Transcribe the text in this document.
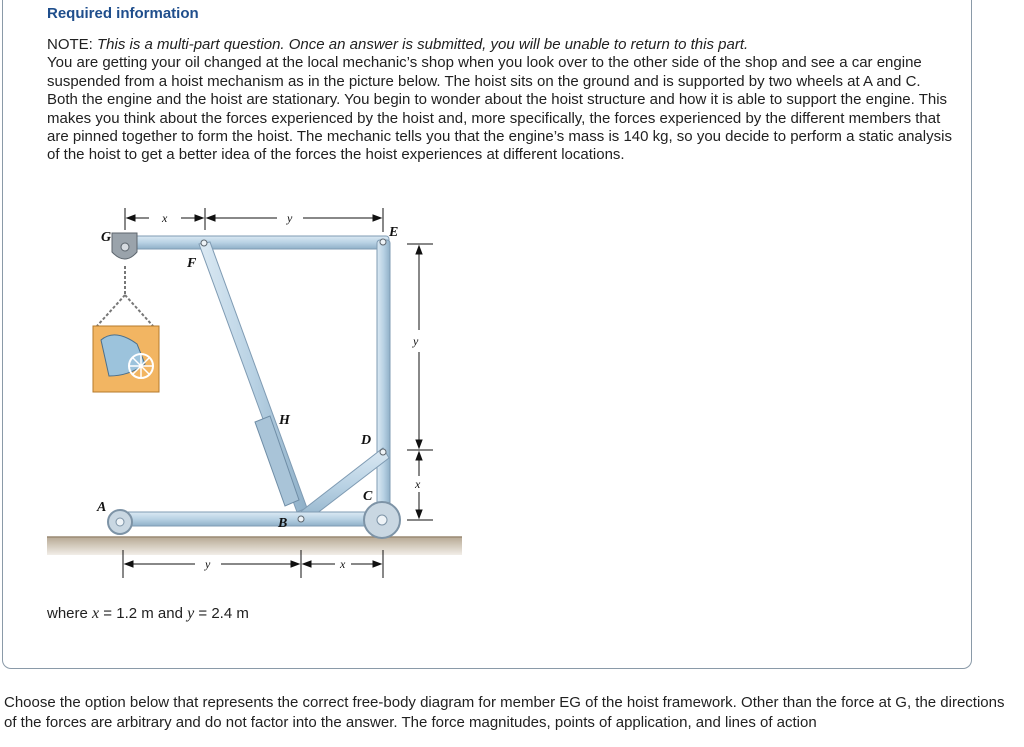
Required information
NOTE: This is a multi-part question. Once an answer is submitted, you will be unable to return to this part.
You are getting your oil changed at the local mechanic’s shop when you look over to the other side of the shop and see a car engine suspended from a hoist mechanism as in the picture below. The hoist sits on the ground and is supported by two wheels at A and C. Both the engine and the hoist are stationary. You begin to wonder about the hoist structure and how it is able to support the engine. This makes you think about the forces experienced by the hoist and, more specifically, the forces experienced by the different members that are pinned together to form the hoist. The mechanic tells you that the engine’s mass is 140 kg, so you decide to perform a static analysis of the hoist to get a better idea of the forces the hoist experiences at different locations.
x	y
y
x
y	x
G
F
E
H
D
C
B
A
where x = 1.2 m and y = 2.4 m
Choose the option below that represents the correct free-body diagram for member EG of the hoist framework. Other than the force at G, the directions of the forces are arbitrary and do not factor into the answer. The force magnitudes, points of application, and lines of action
